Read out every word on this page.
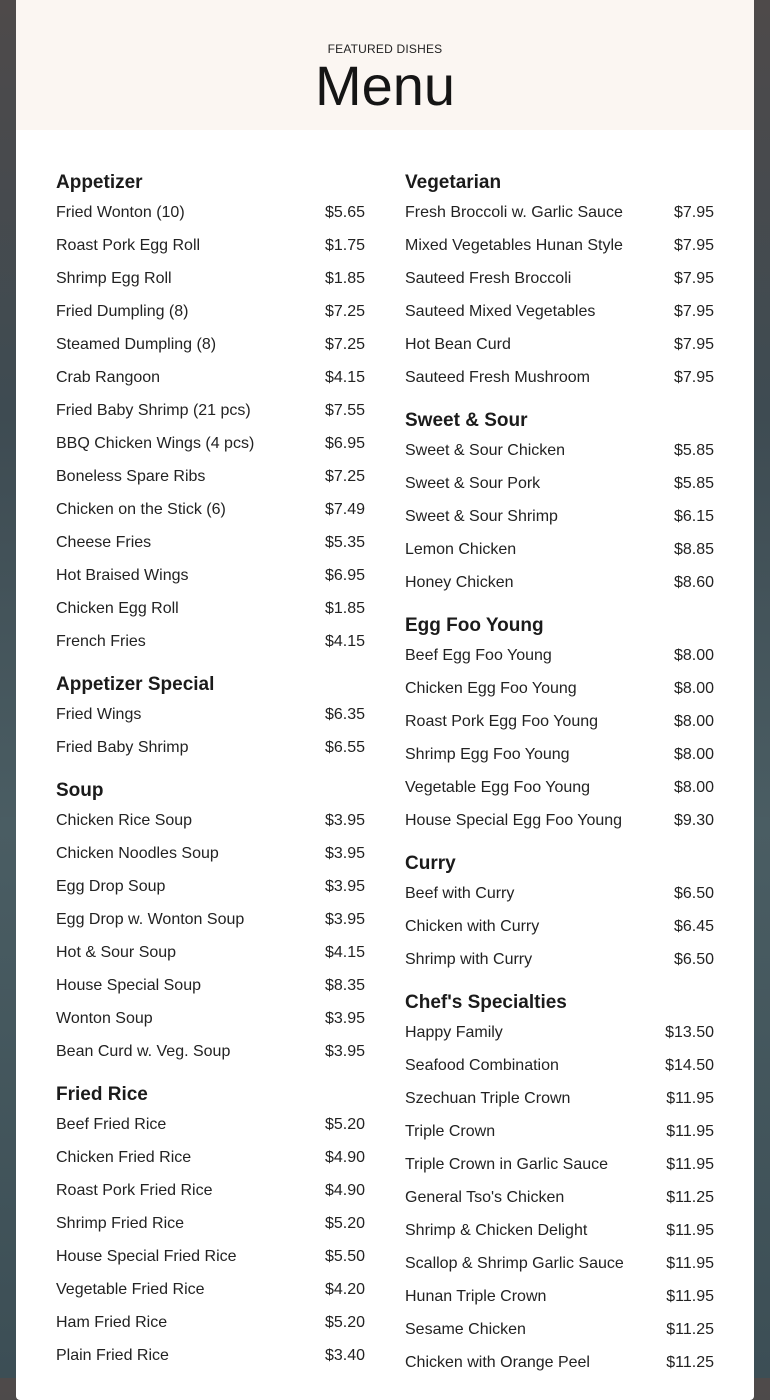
FEATURED DISHES
Menu
Appetizer
Fried Wonton (10)	$5.65
Roast Pork Egg Roll	$1.75
Shrimp Egg Roll	$1.85
Fried Dumpling (8)	$7.25
Steamed Dumpling (8)	$7.25
Crab Rangoon	$4.15
Fried Baby Shrimp (21 pcs)	$7.55
BBQ Chicken Wings (4 pcs)	$6.95
Boneless Spare Ribs	$7.25
Chicken on the Stick (6)	$7.49
Cheese Fries	$5.35
Hot Braised Wings	$6.95
Chicken Egg Roll	$1.85
French Fries	$4.15
Appetizer Special
Fried Wings	$6.35
Fried Baby Shrimp	$6.55
Soup
Chicken Rice Soup	$3.95
Chicken Noodles Soup	$3.95
Egg Drop Soup	$3.95
Egg Drop w. Wonton Soup	$3.95
Hot & Sour Soup	$4.15
House Special Soup	$8.35
Wonton Soup	$3.95
Bean Curd w. Veg. Soup	$3.95
Fried Rice
Beef Fried Rice	$5.20
Chicken Fried Rice	$4.90
Roast Pork Fried Rice	$4.90
Shrimp Fried Rice	$5.20
House Special Fried Rice	$5.50
Vegetable Fried Rice	$4.20
Ham Fried Rice	$5.20
Plain Fried Rice	$3.40
Vegetarian
Fresh Broccoli w. Garlic Sauce	$7.95
Mixed Vegetables Hunan Style	$7.95
Sauteed Fresh Broccoli	$7.95
Sauteed Mixed Vegetables	$7.95
Hot Bean Curd	$7.95
Sauteed Fresh Mushroom	$7.95
Sweet & Sour
Sweet & Sour Chicken	$5.85
Sweet & Sour Pork	$5.85
Sweet & Sour Shrimp	$6.15
Lemon Chicken	$8.85
Honey Chicken	$8.60
Egg Foo Young
Beef Egg Foo Young	$8.00
Chicken Egg Foo Young	$8.00
Roast Pork Egg Foo Young	$8.00
Shrimp Egg Foo Young	$8.00
Vegetable Egg Foo Young	$8.00
House Special Egg Foo Young	$9.30
Curry
Beef with Curry	$6.50
Chicken with Curry	$6.45
Shrimp with Curry	$6.50
Chef's Specialties
Happy Family	$13.50
Seafood Combination	$14.50
Szechuan Triple Crown	$11.95
Triple Crown	$11.95
Triple Crown in Garlic Sauce	$11.95
General Tso's Chicken	$11.25
Shrimp & Chicken Delight	$11.95
Scallop & Shrimp Garlic Sauce	$11.95
Hunan Triple Crown	$11.95
Sesame Chicken	$11.25
Chicken with Orange Peel	$11.25
